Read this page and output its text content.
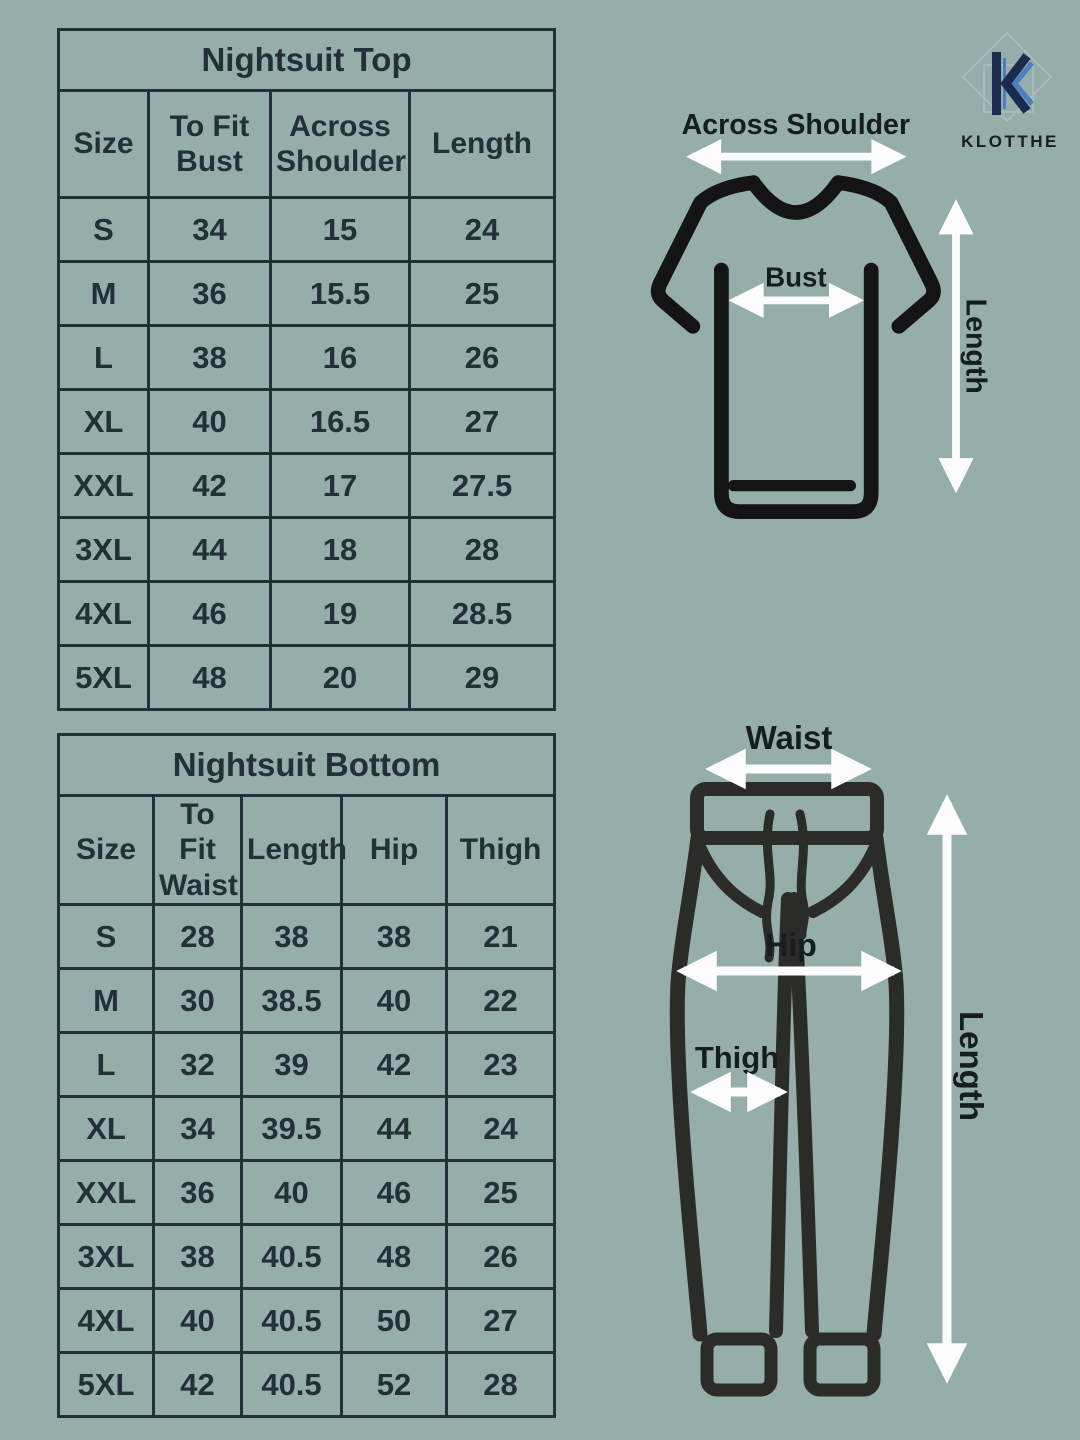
Nightsuit Top			
Size	To Fit Bust	Across Shoulder	Length
S	34	15	24
M	36	15.5	25
L	38	16	26
XL	40	16.5	27
XXL	42	17	27.5
3XL	44	18	28
4XL	46	19	28.5
5XL	48	20	29
Nightsuit Bottom				
Size	To Fit Waist	Length	Hip	Thigh
S	28	38	38	21
M	30	38.5	40	22
L	32	39	42	23
XL	34	39.5	44	24
XXL	36	40	46	25
3XL	38	40.5	48	26
4XL	40	40.5	50	27
5XL	42	40.5	52	28
Across Shoulder
Bust
Length
Waist
Hip
Thigh	Length
KLOTTHE
